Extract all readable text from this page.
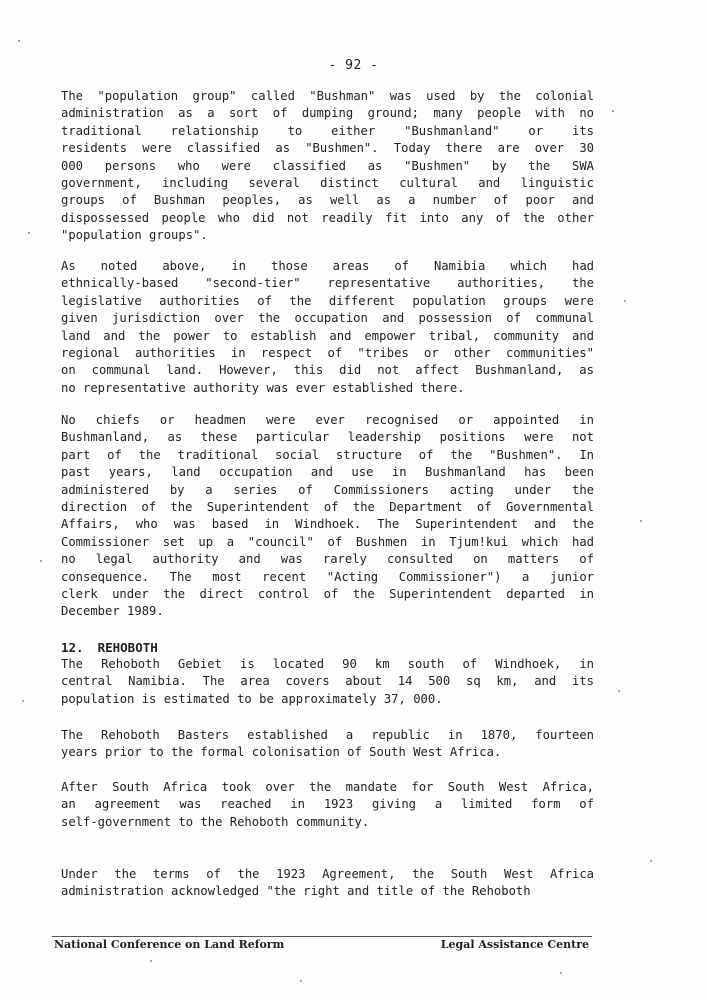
- 92 -
The "population group" called "Bushman" was used by the colonial
administration as a sort of dumping ground; many people with no
traditional relationship to either "Bushmanland" or its
residents were classified as "Bushmen". Today there are over 30
000 persons who were classified as "Bushmen" by the SWA
government, including several distinct cultural and linguistic
groups of Bushman peoples, as well as a number of poor and
dispossessed people who did not readily fit into any of the other
"population groups".
As noted above, in those areas of Namibia which had
ethnically-based "second-tier" representative authorities, the
legislative authorities of the different population groups were
given jurisdiction over the occupation and possession of communal
land and the power to establish and empower tribal, community and
regional authorities in respect of "tribes or other communities"
on communal land. However, this did not affect Bushmanland, as
no representative authority was ever established there.
No chiefs or headmen were ever recognised or appointed in
Bushmanland, as these particular leadership positions were not
part of the traditional social structure of the "Bushmen". In
past years, land occupation and use in Bushmanland has been
administered by a series of Commissioners acting under the
direction of the Superintendent of the Department of Governmental
Affairs, who was based in Windhoek. The Superintendent and the
Commissioner set up a "council" of Bushmen in Tjum!kui which had
no legal authority and was rarely consulted on matters of
consequence. The most recent "Acting Commissioner") a junior
clerk under the direct control of the Superintendent departed in
December 1989.
12. REHOBOTH
The Rehoboth Gebiet is located 90 km south of Windhoek, in
central Namibia. The area covers about 14 500 sq km, and its
population is estimated to be approximately 37, 000.
The Rehoboth Basters established a republic in 1870, fourteen
years prior to the formal colonisation of South West Africa.
After South Africa took over the mandate for South West Africa,
an agreement was reached in 1923 giving a limited form of
self-government to the Rehoboth community.
Under the terms of the 1923 Agreement, the South West Africa
administration acknowledged "the right and title of the Rehoboth
National Conference on Land Reform	Legal Assistance Centre
